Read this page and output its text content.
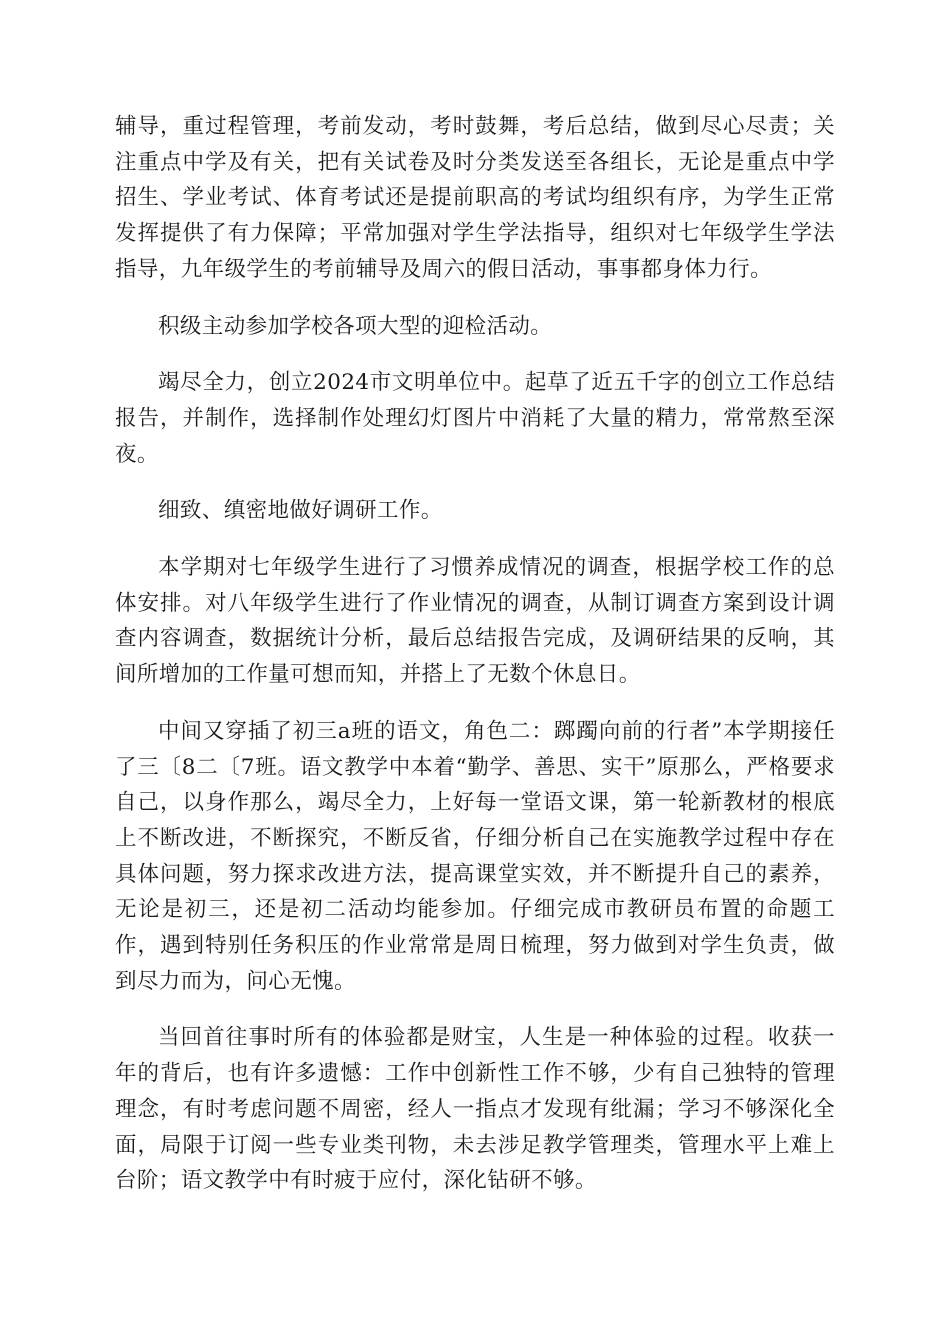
辅导，重过程管理，考前发动，考时鼓舞，考后总结，做到尽心尽责；关注重点中学及有关，把有关试卷及时分类发送至各组长，无论是重点中学招生、学业考试、体育考试还是提前职高的考试均组织有序，为学生正常发挥提供了有力保障；平常加强对学生学法指导，组织对七年级学生学法指导，九年级学生的考前辅导及周六的假日活动，事事都身体力行。

积级主动参加学校各项大型的迎检活动。

竭尽全力，创立2024市文明单位中。起草了近五千字的创立工作总结报告，并制作，选择制作处理幻灯图片中消耗了大量的精力，常常熬至深夜。

细致、缜密地做好调研工作。

本学期对七年级学生进行了习惯养成情况的调查，根据学校工作的总体安排。对八年级学生进行了作业情况的调查，从制订调查方案到设计调查内容调查，数据统计分析，最后总结报告完成，及调研结果的反响，其间所增加的工作量可想而知，并搭上了无数个休息日。

中间又穿插了初三a班的语文，角色二：踯躅向前的行者”本学期接任了三〔8二〔7班。语文教学中本着“勤学、善思、实干”原那么，严格要求自己，以身作那么，竭尽全力，上好每一堂语文课，第一轮新教材的根底上不断改进，不断探究，不断反省，仔细分析自己在实施教学过程中存在具体问题，努力探求改进方法，提高课堂实效，并不断提升自己的素养，无论是初三，还是初二活动均能参加。仔细完成市教研员布置的命题工作，遇到特别任务积压的作业常常是周日梳理，努力做到对学生负责，做到尽力而为，问心无愧。

当回首往事时所有的体验都是财宝，人生是一种体验的过程。收获一年的背后，也有许多遗憾：工作中创新性工作不够，少有自己独特的管理理念，有时考虑问题不周密，经人一指点才发现有纰漏；学习不够深化全面，局限于订阅一些专业类刊物，未去涉足教学管理类，管理水平上难上台阶；语文教学中有时疲于应付，深化钻研不够。
